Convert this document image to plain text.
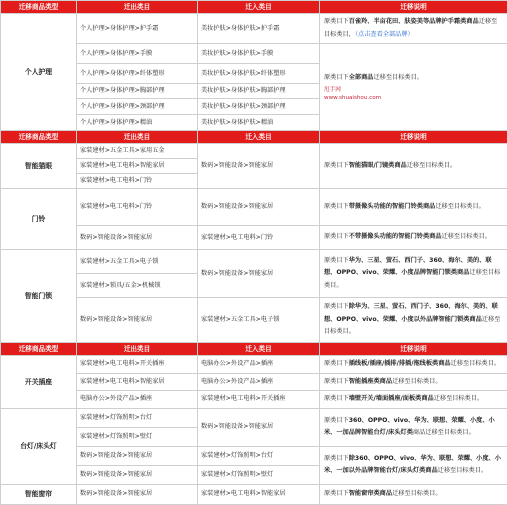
迁移商品类型	迁出类目	迁入类目	迁移说明
个人护理	个人护理>身体护理>护手霜	美妆护肤>身体护肤>护手霜	原类目下百雀羚、半亩花田、肤姿美等品牌护手霜类商品迁移至目标类目，（点击查看全部品牌）
	个人护理>身体护理>手膜	美妆护肤>身体护肤>手膜	原类目下全部商品迁移至目标类目。
甩手网
www.shuaishou.com

	个人护理>身体护理>纤体塑形	美妆护肤>身体护肤>纤体塑形	
	个人护理>身体护理>胸部护理	美妆护肤>身体护肤>胸部护理	
	个人护理>身体护理>颈部护理	美妆护肤>身体护肤>颈部护理	
	个人护理>身体护理>精油	美妆护肤>身体护肤>精油	
迁移商品类型	迁出类目	迁入类目	迁移说明
智能猫眼	家装建材>五金工具>家用五金	数码>智能设备>智能家居	原类目下智能猫眼/门镜类商品迁移至目标类目。
	家装建材>电工电料>智能家居		
	家装建材>电工电料>门铃		
门铃	家装建材>电工电料>门铃	数码>智能设备>智能家居	原类目下带摄像头功能的智能门铃类商品迁移至目标类目。
	数码>智能设备>智能家居	家装建材>电工电料>门铃	原类目下不带摄像头功能的智能门铃类商品迁移至目标类目。
智能门锁	家装建材>五金工具>电子锁	数码>智能设备>智能家居	原类目下华为、三星、萤石、西门子、360、海尔、美的、联想、OPPO、vivo、荣耀、小度品牌智能门锁类商品迁移至目标类目。
	家装建材>锁具/五金>机械锁		
	数码>智能设备>智能家居	家装建材>五金工具>电子锁	原类目下除华为、三星、萤石、西门子、360、海尔、美的、联想、OPPO、vivo、荣耀、小度以外品牌智能门锁类商品迁移至目标类目。
迁移商品类型	迁出类目	迁入类目	迁移说明
开关插座	家装建材>电工电料>开关插座	电脑办公>外设产品>插座	原类目下插线板/插座/插排/排插/拖线板类商品迁移至目标类目。
	家装建材>电工电料>智能家居	电脑办公>外设产品>插座	原类目下智能插座类商品迁移至目标类目。
	电脑办公>外设产品>插座	家装建材>电工电料>开关插座	原类目下墙壁开关/墙面插座/面板类商品迁移至目标类目。
台灯/床头灯	家装建材>灯饰照明>台灯	数码>智能设备>智能家居	原类目下360、OPPO、vivo、华为、联想、荣耀、小度、小米、一加品牌智能台灯/床头灯类商品迁移至目标类目。
	家装建材>灯饰照明>壁灯		
	数码>智能设备>智能家居	家装建材>灯饰照明>台灯	原类目下除360、OPPO、vivo、华为、联想、荣耀、小度、小米、一加以外品牌智能台灯/床头灯类商品迁移至目标类目。
	数码>智能设备>智能家居	家装建材>灯饰照明>壁灯	
智能窗帘	数码>智能设备>智能家居	家装建材>电工电料>智能家居	原类目下智能窗帘类商品迁移至目标类目。
